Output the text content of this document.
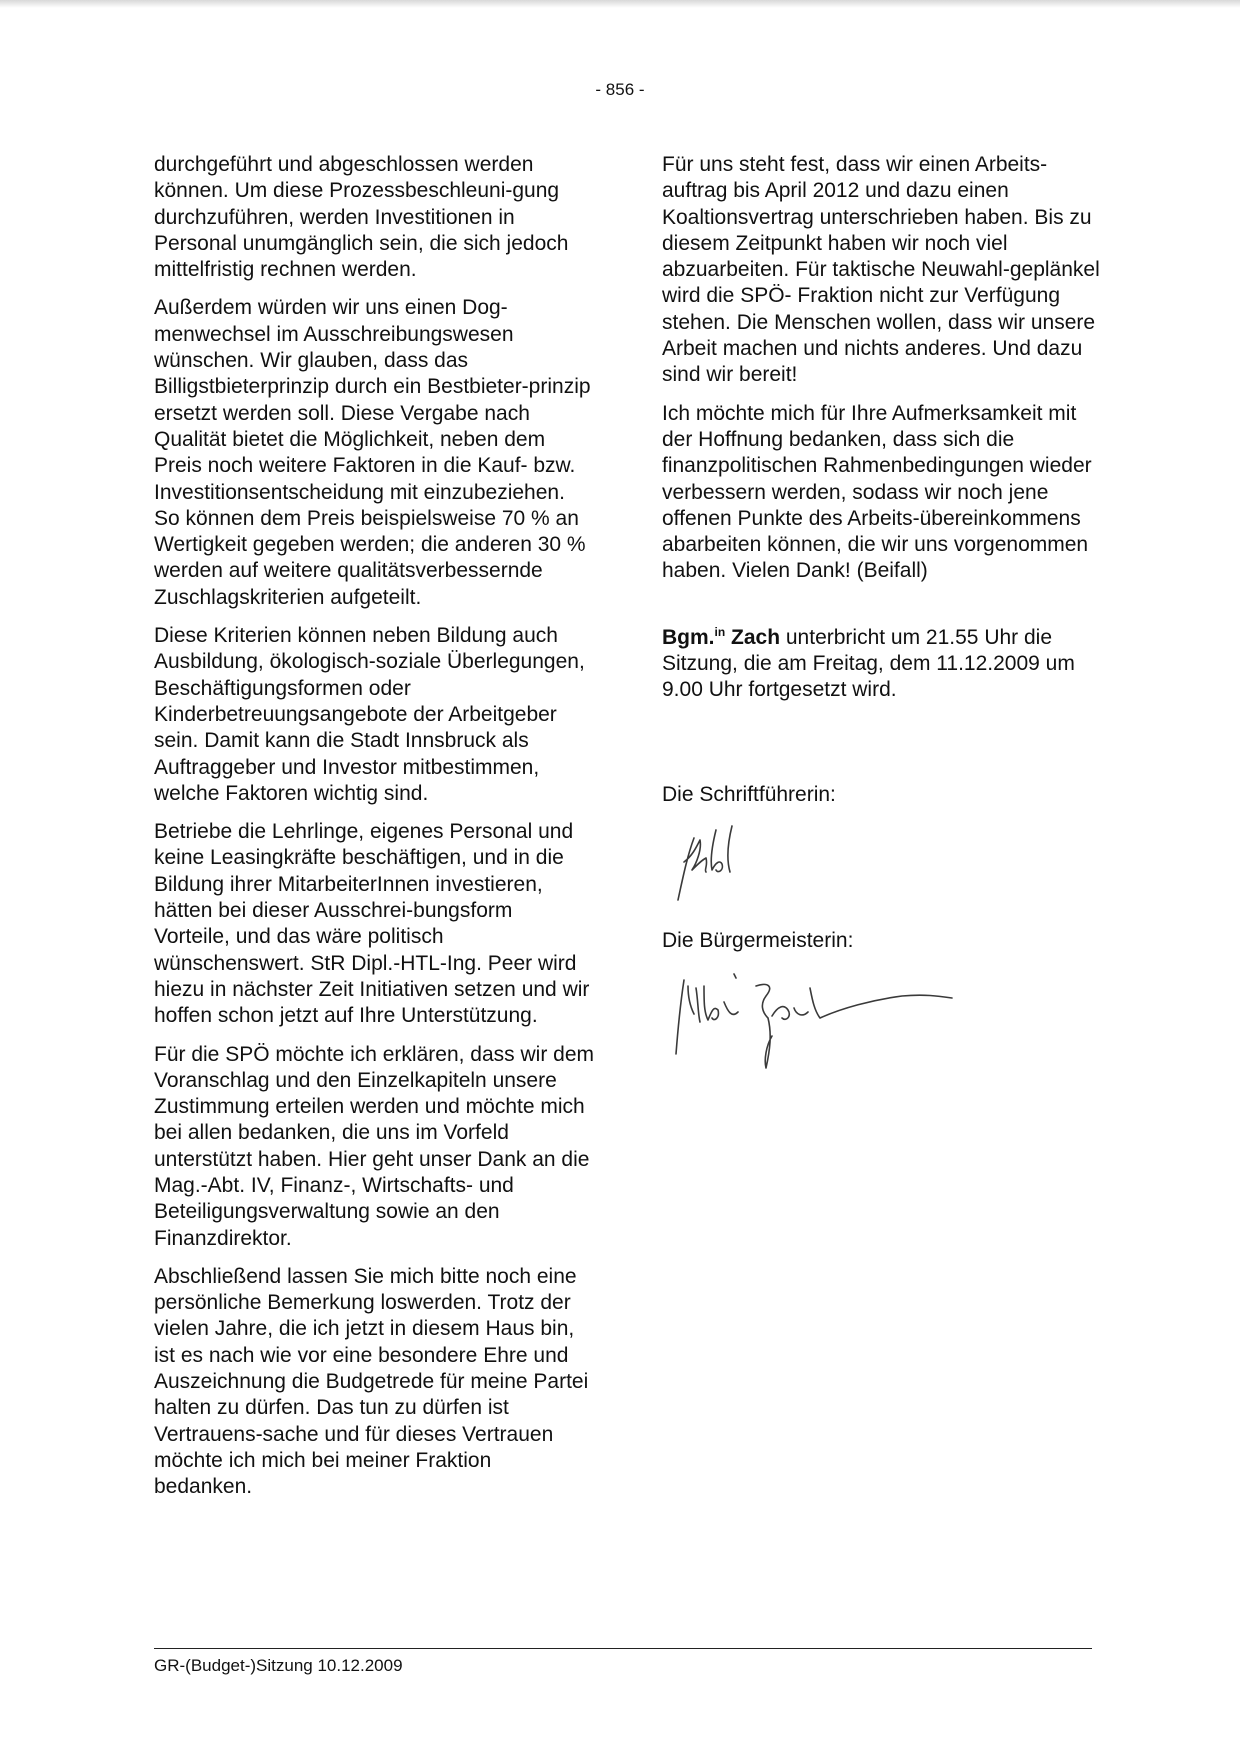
- 856 -

durchgeführt und abgeschlossen werden können. Um diese Prozessbeschleuni-gung durchzuführen, werden Investitionen in Personal unumgänglich sein, die sich jedoch mittelfristig rechnen werden.

Außerdem würden wir uns einen Dog-menwechsel im Ausschreibungswesen wünschen. Wir glauben, dass das Billigstbieterprinzip durch ein Bestbieter-prinzip ersetzt werden soll. Diese Vergabe nach Qualität bietet die Möglichkeit, neben dem Preis noch weitere Faktoren in die Kauf- bzw. Investitionsentscheidung mit einzubeziehen. So können dem Preis beispielsweise 70 % an Wertigkeit gegeben werden; die anderen 30 % werden auf weitere qualitätsverbessernde Zuschlagskriterien aufgeteilt.

Diese Kriterien können neben Bildung auch Ausbildung, ökologisch-soziale Überlegungen, Beschäftigungsformen oder Kinderbetreuungsangebote der Arbeitgeber sein. Damit kann die Stadt Innsbruck als Auftraggeber und Investor mitbestimmen, welche Faktoren wichtig sind.

Betriebe die Lehrlinge, eigenes Personal und keine Leasingkräfte beschäftigen, und in die Bildung ihrer MitarbeiterInnen investieren, hätten bei dieser Ausschrei-bungsform Vorteile, und das wäre politisch wünschenswert. StR Dipl.-HTL-Ing. Peer wird hiezu in nächster Zeit Initiativen setzen und wir hoffen schon jetzt auf Ihre Unterstützung.

Für die SPÖ möchte ich erklären, dass wir dem Voranschlag und den Einzelkapiteln unsere Zustimmung erteilen werden und möchte mich bei allen bedanken, die uns im Vorfeld unterstützt haben. Hier geht unser Dank an die Mag.-Abt. IV, Finanz-, Wirtschafts- und Beteiligungsverwaltung sowie an den Finanzdirektor.

Abschließend lassen Sie mich bitte noch eine persönliche Bemerkung loswerden. Trotz der vielen Jahre, die ich jetzt in diesem Haus bin, ist es nach wie vor eine besondere Ehre und Auszeichnung die Budgetrede für meine Partei halten zu dürfen. Das tun zu dürfen ist Vertrauens-sache und für dieses Vertrauen möchte ich mich bei meiner Fraktion bedanken.

Für uns steht fest, dass wir einen Arbeits-auftrag bis April 2012 und dazu einen Koaltionsvertrag unterschrieben haben. Bis zu diesem Zeitpunkt haben wir noch viel abzuarbeiten. Für taktische Neuwahl-geplänkel wird die SPÖ- Fraktion nicht zur Verfügung stehen. Die Menschen wollen, dass wir unsere Arbeit machen und nichts anderes. Und dazu sind wir bereit!

Ich möchte mich für Ihre Aufmerksamkeit mit der Hoffnung bedanken, dass sich die finanzpolitischen Rahmenbedingungen wieder verbessern werden, sodass wir noch jene offenen Punkte des Arbeits-übereinkommens abarbeiten können, die wir uns vorgenommen haben. Vielen Dank! (Beifall)

Bgm.$^{in}$ Zach unterbricht um 21.55 Uhr die Sitzung, die am Freitag, dem 11.12.2009 um 9.00 Uhr fortgesetzt wird.

Die Schriftführerin:

Die Bürgermeisterin:

GR-(Budget-)Sitzung 10.12.2009
